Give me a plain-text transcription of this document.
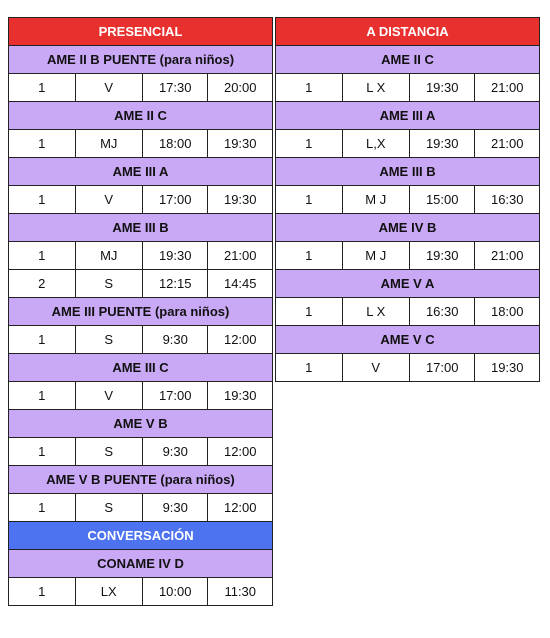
PRESENCIAL
AME II B PUENTE (para niños)
1	V	17:30	20:00
AME II C
1	MJ	18:00	19:30
AME III A
1	V	17:00	19:30
AME III B
1	MJ	19:30	21:00
2	S	12:15	14:45
AME III PUENTE (para niños)
1	S	9:30	12:00
AME III C
1	V	17:00	19:30
AME V B
1	S	9:30	12:00
AME V B PUENTE (para niños)
1	S	9:30	12:00
CONVERSACIÓN
CONAME IV D
1	LX	10:00	11:30
A DISTANCIA
AME II C
1	L X	19:30	21:00
AME III A
1	L,X	19:30	21:00
AME III B
1	M J	15:00	16:30
AME IV B
1	M J	19:30	21:00
AME V A
1	L X	16:30	18:00
AME V C
1	V	17:00	19:30
